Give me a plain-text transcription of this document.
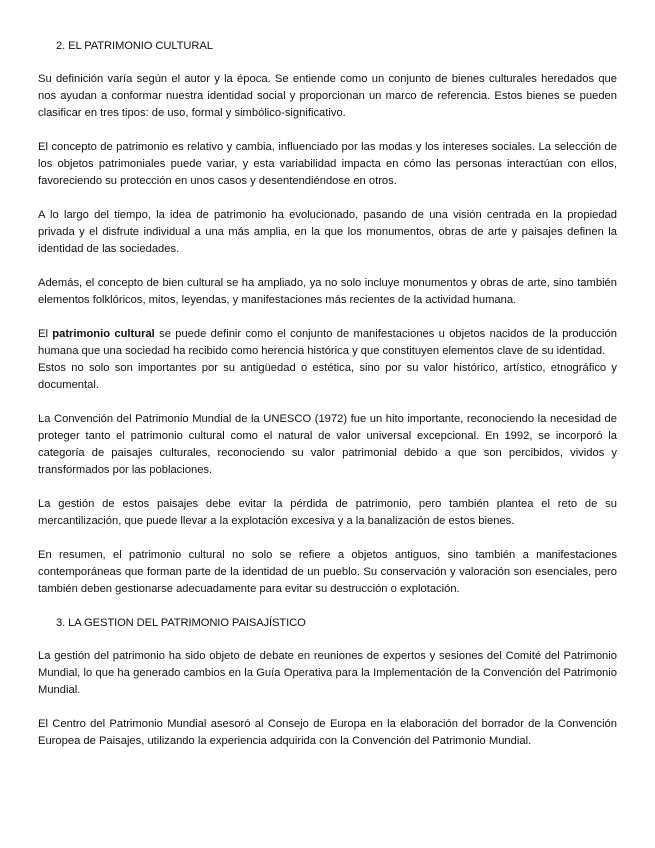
2. EL PATRIMONIO CULTURAL

Su definición varía según el autor y la época. Se entiende como un conjunto de bienes culturales heredados que nos ayudan a conformar nuestra identidad social y proporcionan un marco de referencia. Estos bienes se pueden clasificar en tres tipos: de uso, formal y simbólico-significativo.

El concepto de patrimonio es relativo y cambia, influenciado por las modas y los intereses sociales. La selección de los objetos patrimoniales puede variar, y esta variabilidad impacta en cómo las personas interactúan con ellos, favoreciendo su protección en unos casos y desentendiéndose en otros.

A lo largo del tiempo, la idea de patrimonio ha evolucionado, pasando de una visión centrada en la propiedad privada y el disfrute individual a una más amplia, en la que los monumentos, obras de arte y paisajes definen la identidad de las sociedades.

Además, el concepto de bien cultural se ha ampliado, ya no solo incluye monumentos y obras de arte, sino también elementos folklóricos, mitos, leyendas, y manifestaciones más recientes de la actividad humana.

El patrimonio cultural se puede definir como el conjunto de manifestaciones u objetos nacidos de la producción humana que una sociedad ha recibido como herencia histórica y que constituyen elementos clave de su identidad.

Estos no solo son importantes por su antigüedad o estética, sino por su valor histórico, artístico, etnográfico y documental.

La Convención del Patrimonio Mundial de la UNESCO (1972) fue un hito importante, reconociendo la necesidad de proteger tanto el patrimonio cultural como el natural de valor universal excepcional. En 1992, se incorporó la categoría de paisajes culturales, reconociendo su valor patrimonial debido a que son percibidos, vividos y transformados por las poblaciones.

La gestión de estos paisajes debe evitar la pérdida de patrimonio, pero también plantea el reto de su mercantilización, que puede llevar a la explotación excesiva y a la banalización de estos bienes.

En resumen, el patrimonio cultural no solo se refiere a objetos antiguos, sino también a manifestaciones contemporáneas que forman parte de la identidad de un pueblo. Su conservación y valoración son esenciales, pero también deben gestionarse adecuadamente para evitar su destrucción o explotación.

3. LA GESTION DEL PATRIMONIO PAISAJÍSTICO

La gestión del patrimonio ha sido objeto de debate en reuniones de expertos y sesiones del Comité del Patrimonio Mundial, lo que ha generado cambios en la Guía Operativa para la Implementación de la Convención del Patrimonio Mundial.

El Centro del Patrimonio Mundial asesoró al Consejo de Europa en la elaboración del borrador de la Convención Europea de Paisajes, utilizando la experiencia adquirida con la Convención del Patrimonio Mundial.
